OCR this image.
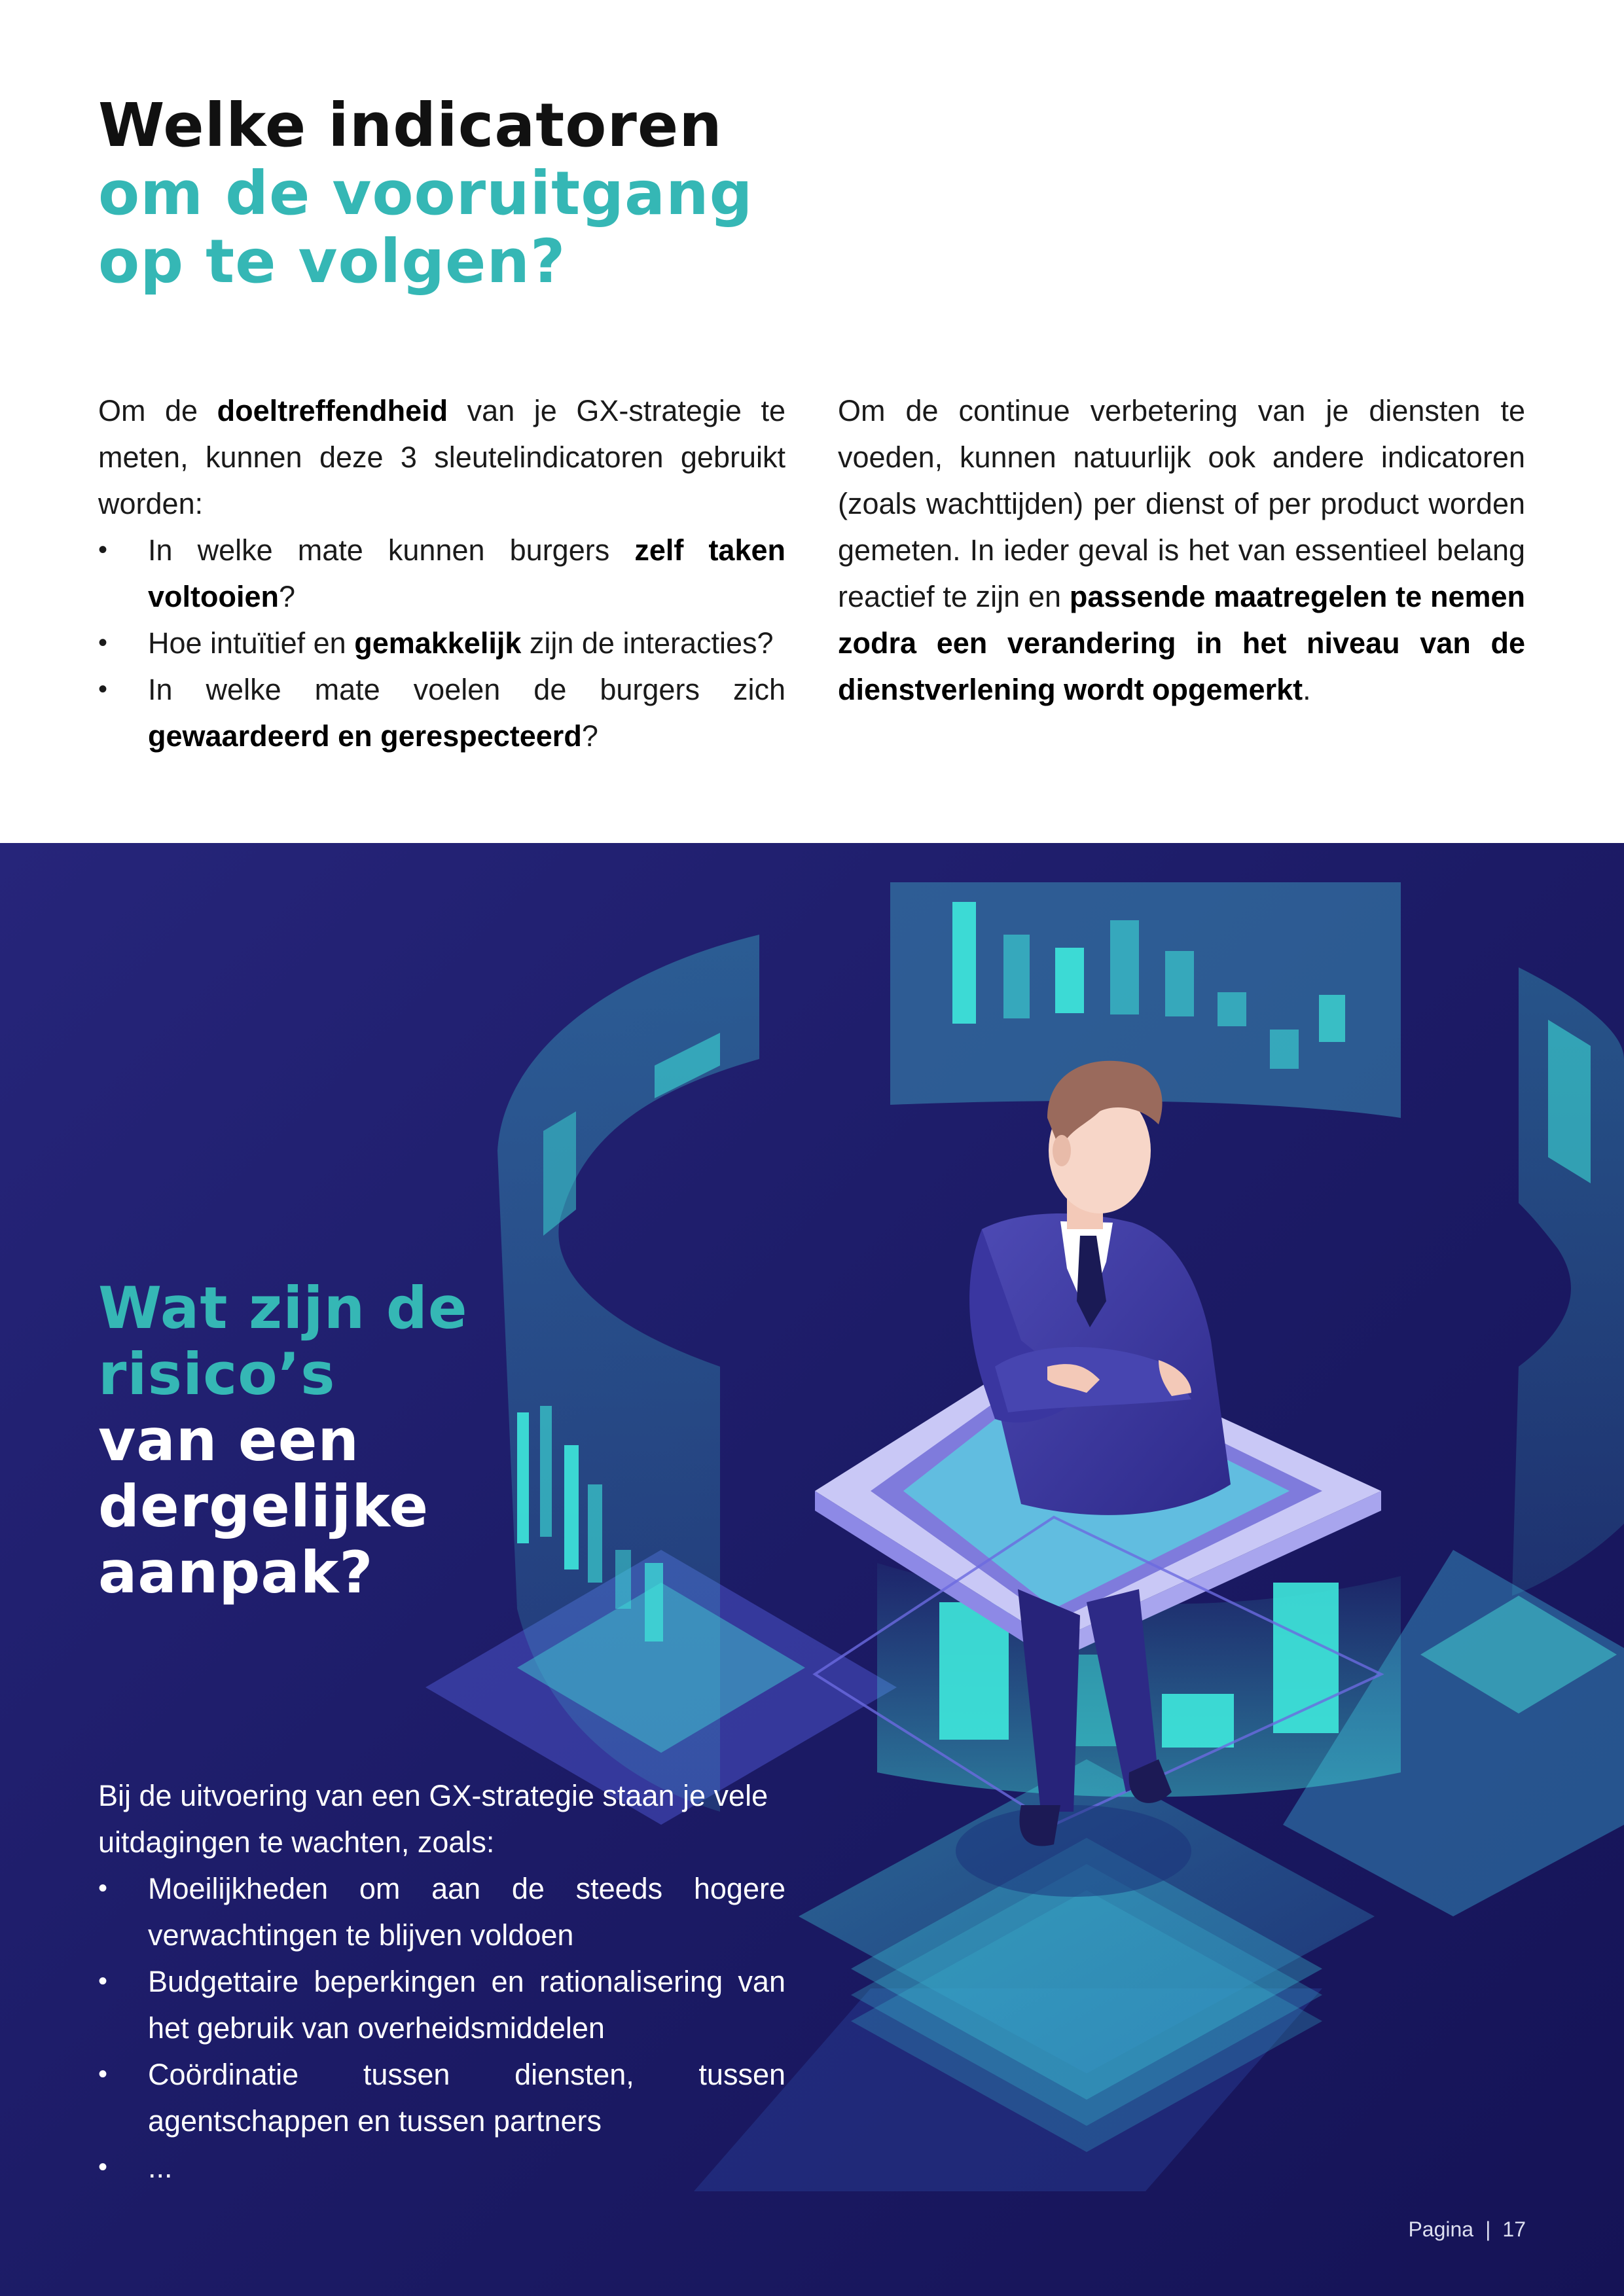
Welke indicatoren
om de vooruitgang
op te volgen?

Om de doeltreffendheid van je GX-strategie te meten, kunnen deze 3 sleutelindicatoren gebruikt worden:

• In welke mate kunnen burgers zelf taken voltooien?
• Hoe intuïtief en gemakkelijk zijn de interacties?
• In welke mate voelen de burgers zich gewaardeerd en gerespecteerd?

Om de continue verbetering van je diensten te voeden, kunnen natuurlijk ook andere indicatoren (zoals wachttijden) per dienst of per product worden gemeten. In ieder geval is het van essentieel belang reactief te zijn en passende maatregelen te nemen zodra een verandering in het niveau van de dienstverlening wordt opgemerkt.

Wat zijn de
risico’s
van een
dergelijke
aanpak?

Bij de uitvoering van een GX-strategie staan je vele uitdagingen te wachten, zoals:

• Moeilijkheden om aan de steeds hogere verwachtingen te blijven voldoen
• Budgettaire beperkingen en rationalisering van het gebruik van overheidsmiddelen
• Coördinatie tussen diensten, tussen agentschappen en tussen partners
• ...
Pagina | 17
